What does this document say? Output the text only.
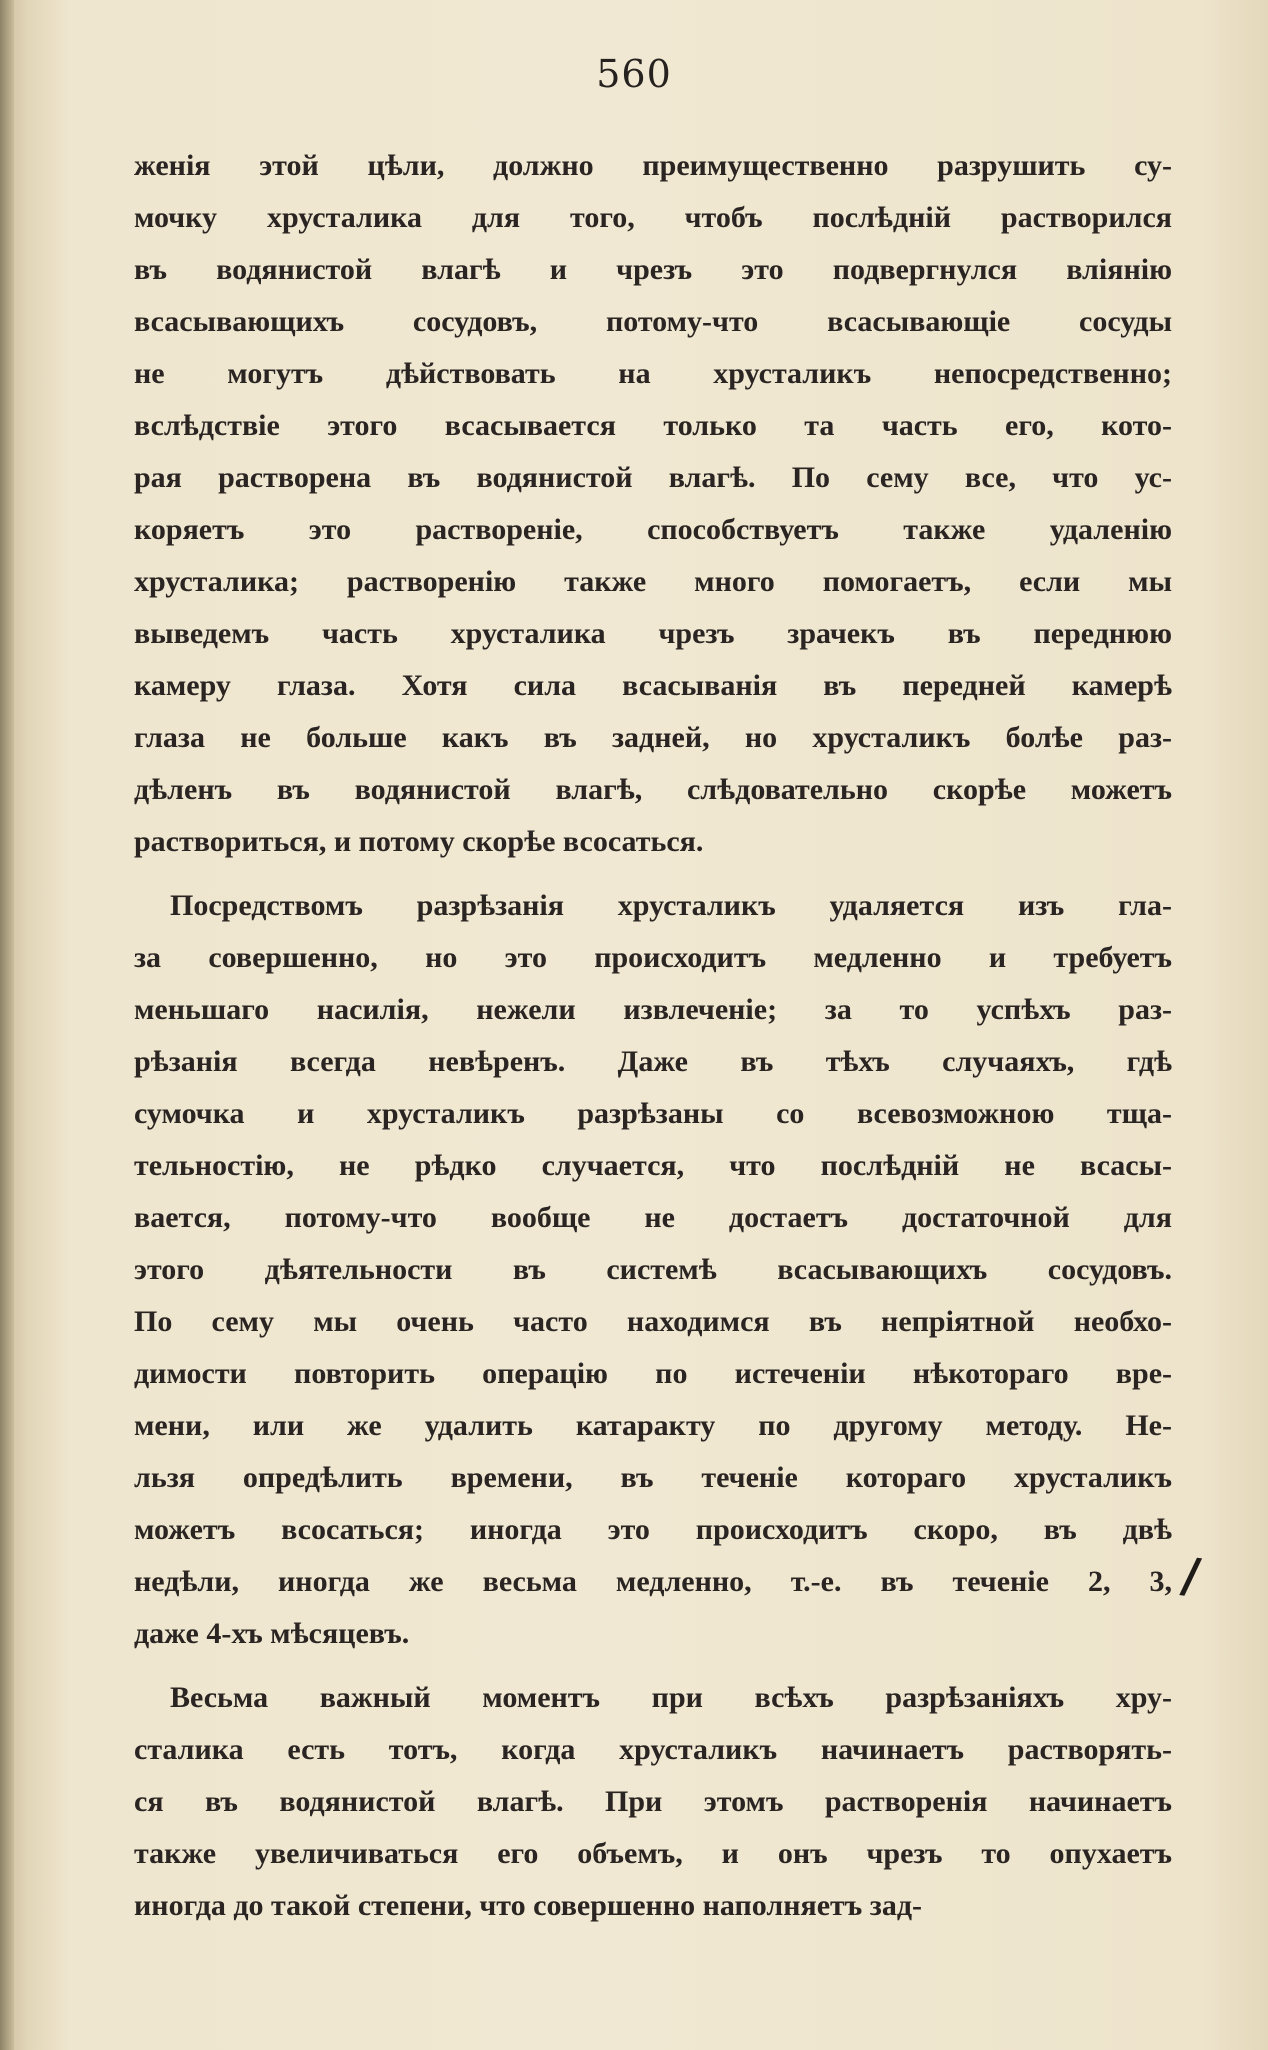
560
женія этой цѣли, должно преимущественно разрушить су-
мочку хрусталика для того, чтобъ послѣдній растворился
въ водянистой влагѣ и чрезъ это подвергнулся вліянію
всасывающихъ сосудовъ, потому-что всасывающіе сосуды
не могутъ дѣйствовать на хрусталикъ непосредственно;
вслѣдствіе этого всасывается только та часть его, кото-
рая растворена въ водянистой влагѣ. По сему все, что ус-
коряетъ это раствореніе, способствуетъ также удаленію
хрусталика; растворенію также много помогаетъ, если мы
выведемъ часть хрусталика чрезъ зрачекъ въ переднюю
камеру глаза. Хотя сила всасыванія въ передней камерѣ
глаза не больше какъ въ задней, но хрусталикъ болѣе раз-
дѣленъ въ водянистой влагѣ, слѣдовательно скорѣе можетъ
раствориться, и потому скорѣе всосаться.
Посредствомъ разрѣзанія хрусталикъ удаляется изъ гла-
за совершенно, но это происходитъ медленно и требуетъ
меньшаго насилія, нежели извлеченіе; за то успѣхъ раз-
рѣзанія всегда невѣренъ. Даже въ тѣхъ случаяхъ, гдѣ
сумочка и хрусталикъ разрѣзаны со всевозможною тща-
тельностію, не рѣдко случается, что послѣдній не всасы-
вается, потому-что вообще не достаетъ достаточной для
этого дѣятельности въ системѣ всасывающихъ сосудовъ.
По сему мы очень часто находимся въ непріятной необхо-
димости повторить операцію по истеченіи нѣкотораго вре-
мени, или же удалить катаракту по другому методу. Не-
льзя опредѣлить времени, въ теченіе котораго хрусталикъ
можетъ всосаться; иногда это происходитъ скоро, въ двѣ
недѣли, иногда же весьма медленно, т.-е. въ теченіе 2, 3,
даже 4-хъ мѣсяцевъ.
Весьма важный моментъ при всѣхъ разрѣзаніяхъ хру-
сталика есть тотъ, когда хрусталикъ начинаетъ растворять-
ся въ водянистой влагѣ. При этомъ растворенія начинаетъ
также увеличиваться его объемъ, и онъ чрезъ то опухаетъ
иногда до такой степени, что совершенно наполняетъ зад-
/
